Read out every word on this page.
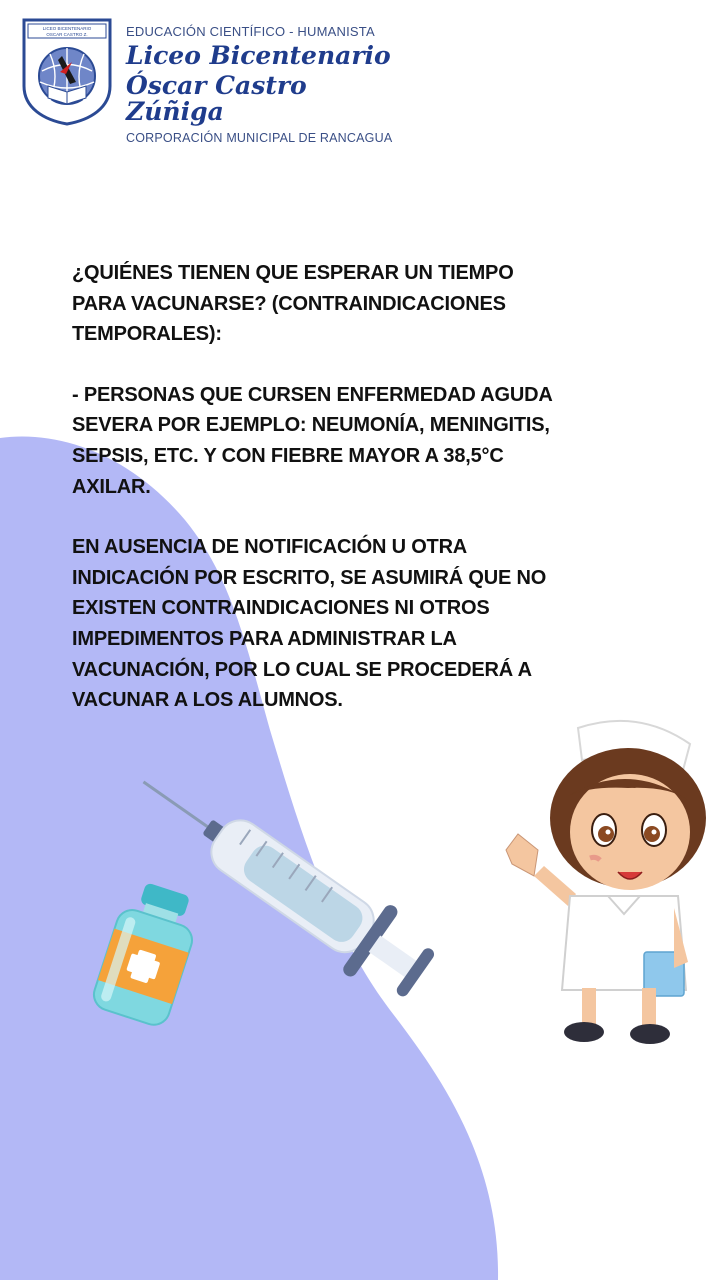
LICEO BICENTENARIO
OSCAR CASTRO Z.	EDUCACIÓN CIENTÍFICO - HUMANISTA
Liceo Bicentenario
Óscar Castro Zúñiga
CORPORACIÓN MUNICIPAL DE RANCAGUA

¿QUIÉNES TIENEN QUE ESPERAR UN TIEMPO PARA VACUNARSE? (CONTRAINDICACIONES TEMPORALES):

- PERSONAS QUE CURSEN ENFERMEDAD AGUDA SEVERA POR EJEMPLO: NEUMONÍA, MENINGITIS, SEPSIS, ETC. Y CON FIEBRE MAYOR A 38,5°C AXILAR.

EN AUSENCIA DE NOTIFICACIÓN U OTRA INDICACIÓN POR ESCRITO, SE ASUMIRÁ QUE NO EXISTEN CONTRAINDICACIONES NI OTROS IMPEDIMENTOS PARA ADMINISTRAR LA VACUNACIÓN, POR LO CUAL SE PROCEDERÁ A VACUNAR A LOS ALUMNOS.
